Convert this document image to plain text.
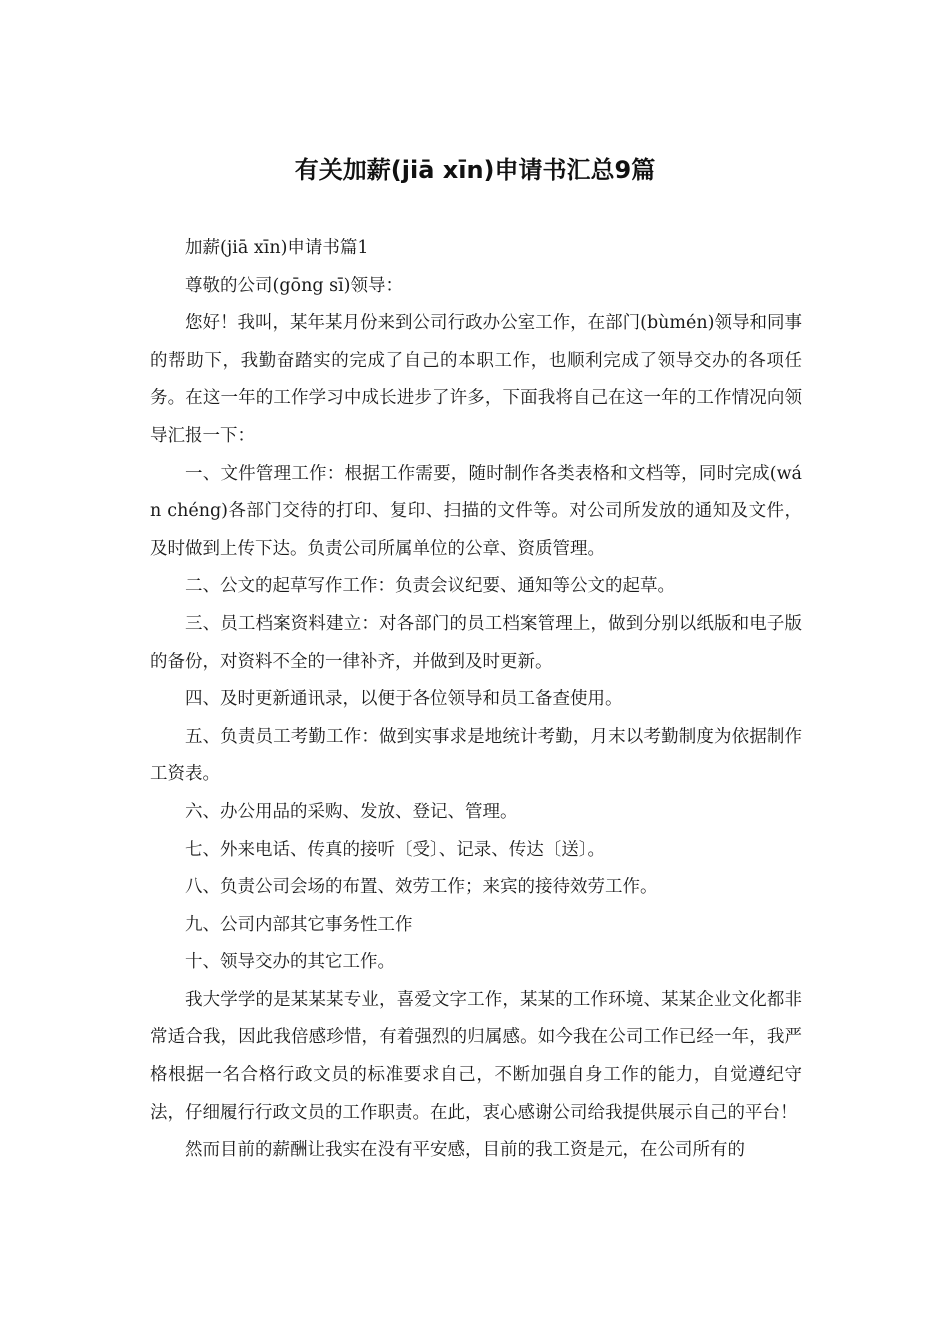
有关加薪(jiā xīn)申请书汇总9篇

加薪(jiā xīn)申请书篇1

尊敬的公司(gōng sī)领导：

您好！我叫，某年某月份来到公司行政办公室工作，在部门(bùmén)领导和同事的帮助下，我勤奋踏实的完成了自己的本职工作，也顺利完成了领导交办的各项任务。在这一年的工作学习中成长进步了许多，下面我将自己在这一年的工作情况向领导汇报一下：

一、文件管理工作：根据工作需要，随时制作各类表格和文档等，同时完成(wán chéng)各部门交待的打印、复印、扫描的文件等。对公司所发放的通知及文件，及时做到上传下达。负责公司所属单位的公章、资质管理。

二、公文的起草写作工作：负责会议纪要、通知等公文的起草。

三、员工档案资料建立：对各部门的员工档案管理上，做到分别以纸版和电子版的备份，对资料不全的一律补齐，并做到及时更新。

四、及时更新通讯录，以便于各位领导和员工备查使用。

五、负责员工考勤工作：做到实事求是地统计考勤，月末以考勤制度为依据制作工资表。

六、办公用品的采购、发放、登记、管理。

七、外来电话、传真的接听〔受〕、记录、传达〔送〕。

八、负责公司会场的布置、效劳工作；来宾的接待效劳工作。

九、公司内部其它事务性工作

十、领导交办的其它工作。

我大学学的是某某某专业，喜爱文字工作，某某的工作环境、某某企业文化都非常适合我，因此我倍感珍惜，有着强烈的归属感。如今我在公司工作已经一年，我严格根据一名合格行政文员的标准要求自己，不断加强自身工作的能力，自觉遵纪守法，仔细履行行政文员的工作职责。在此，衷心感谢公司给我提供展示自己的平台！

然而目前的薪酬让我实在没有平安感，目前的我工资是元，在公司所有的
